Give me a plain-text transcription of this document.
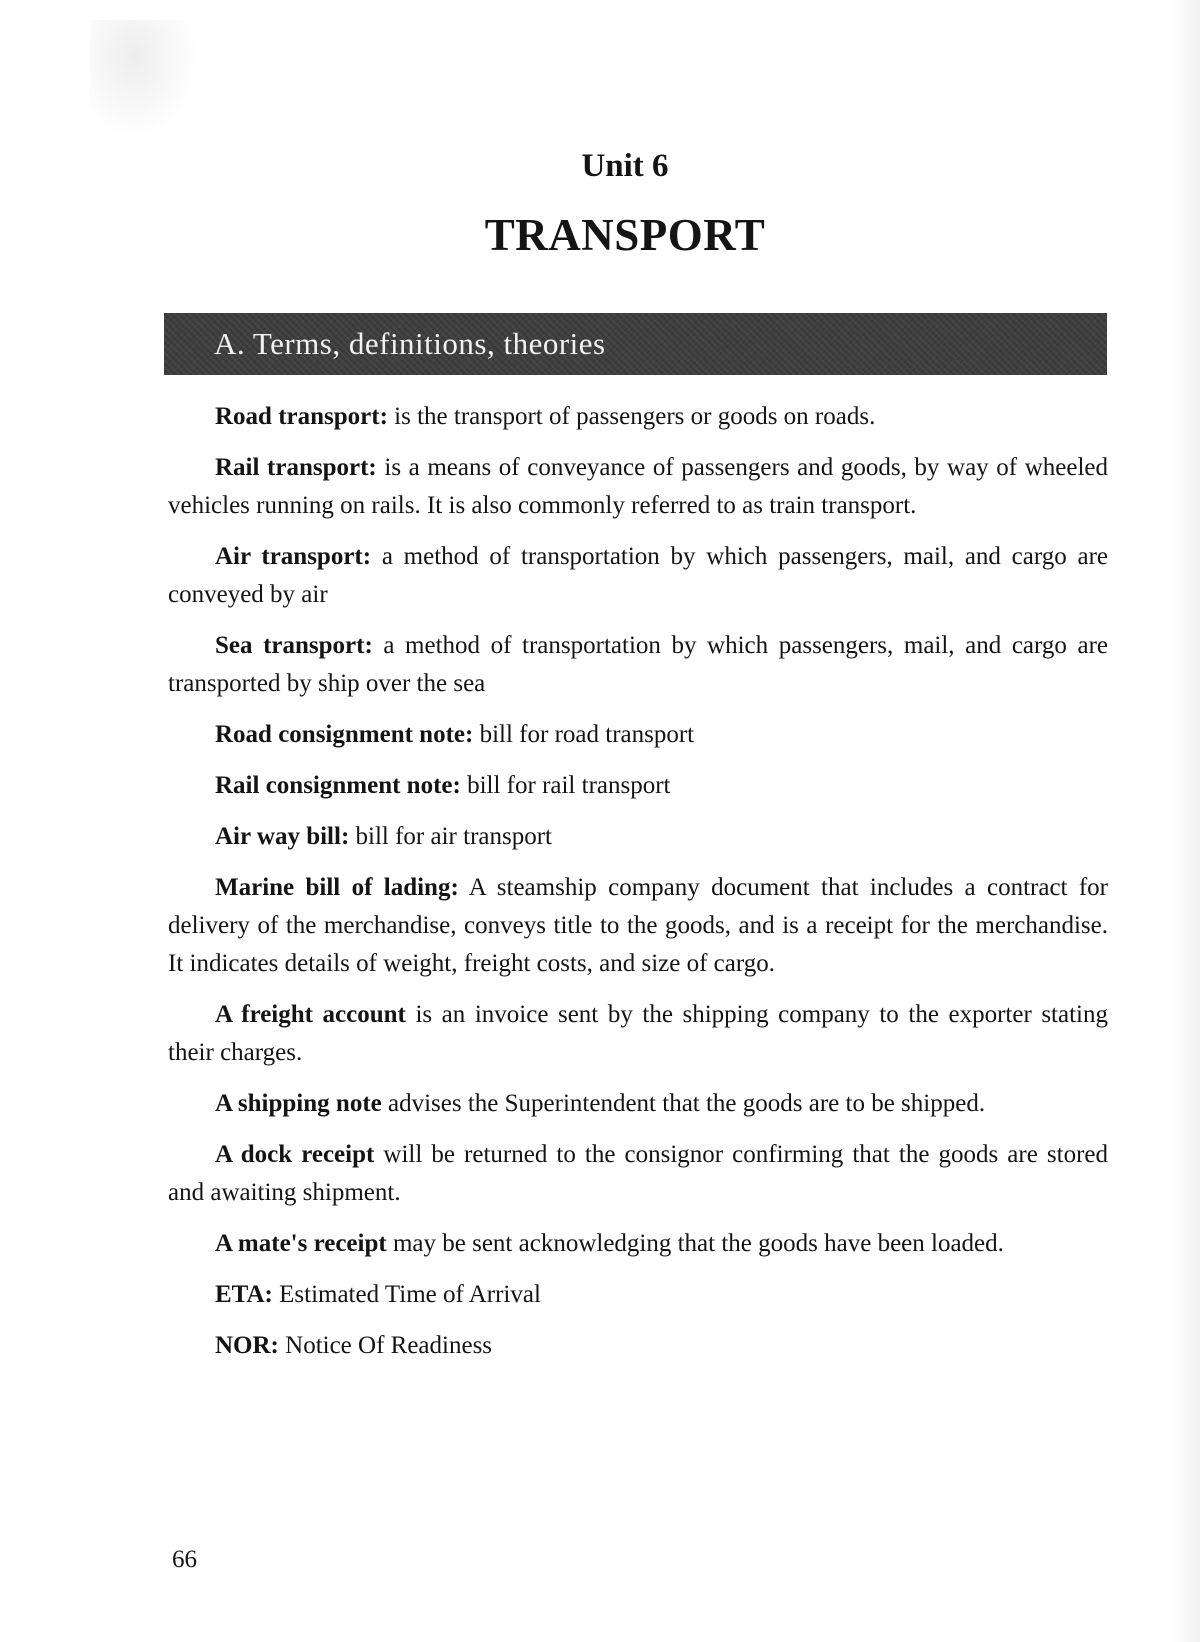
Unit 6
TRANSPORT
A. Terms, definitions, theories

Road transport: is the transport of passengers or goods on roads.

Rail transport: is a means of conveyance of passengers and goods, by way of wheeled vehicles running on rails. It is also commonly referred to as train transport.

Air transport: a method of transportation by which passengers, mail, and cargo are conveyed by air

Sea transport: a method of transportation by which passengers, mail, and cargo are transported by ship over the sea

Road consignment note: bill for road transport

Rail consignment note: bill for rail transport

Air way bill: bill for air transport

Marine bill of lading: A steamship company document that includes a contract for delivery of the merchandise, conveys title to the goods, and is a receipt for the merchandise. It indicates details of weight, freight costs, and size of cargo.

A freight account is an invoice sent by the shipping company to the exporter stating their charges.

A shipping note advises the Superintendent that the goods are to be shipped.

A dock receipt will be returned to the consignor confirming that the goods are stored and awaiting shipment.

A mate's receipt may be sent acknowledging that the goods have been loaded.

ETA: Estimated Time of Arrival

NOR: Notice Of Readiness

66
